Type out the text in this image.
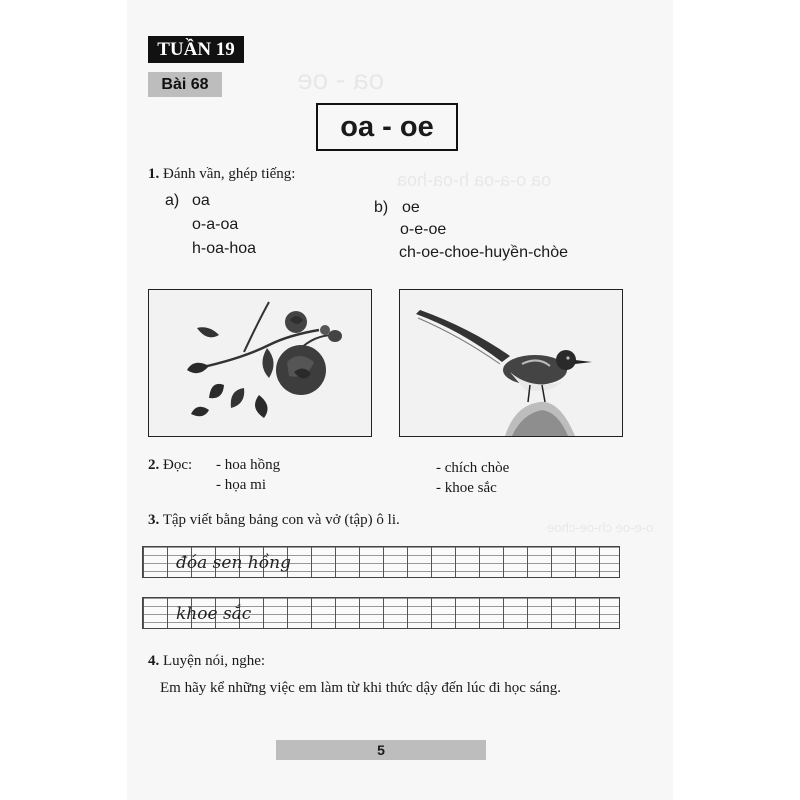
oa - oe
oa o-a-oa h-oa-hoa
o-e-oe ch-oe-choe
TUẦN 19
Bài 68
oa - oe
1. Đánh vần, ghép tiếng:
a) oa
o-a-oa
h-oa-hoa
b) oe
o-e-oe
ch-oe-choe-huyền-chòe
2. Đọc: - hoa hồng
- họa mi
- chích chòe
- khoe sắc
3. Tập viết bằng bảng con và vở (tập) ô li.
đóa sen hồng
khoe sắc
4. Luyện nói, nghe:
Em hãy kể những việc em làm từ khi thức dậy đến lúc đi học sáng.
5
